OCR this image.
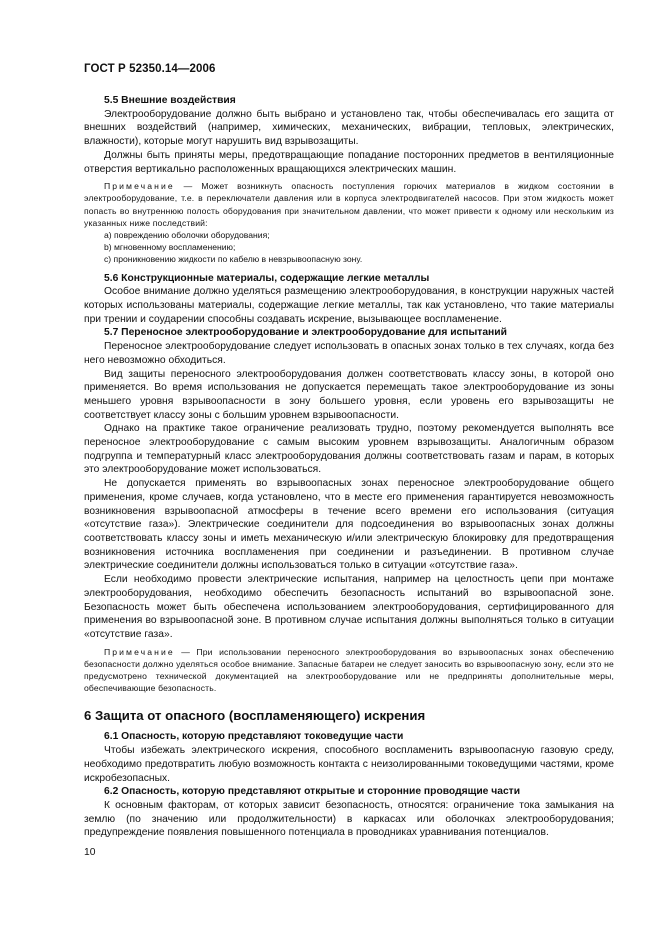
ГОСТ Р 52350.14—2006

5.5 Внешние воздействия

Электрооборудование должно быть выбрано и установлено так, чтобы обеспечивалась его защита от внешних воздействий (например, химических, механических, вибрации, тепловых, электрических, влажности), которые могут нарушить вид взрывозащиты.

Должны быть приняты меры, предотвращающие попадание посторонних предметов в вентиляционные отверстия вертикально расположенных вращающихся электрических машин.

Примечание — Может возникнуть опасность поступления горючих материалов в жидком состоянии в электрооборудование, т.е. в переключатели давления или в корпуса электродвигателей насосов. При этом жидкость может попасть во внутреннюю полость оборудования при значительном давлении, что может привести к одному или нескольким из указанных ниже последствий:

a) повреждению оболочки оборудования;
b) мгновенному воспламенению;
c) проникновению жидкости по кабелю в невзрывоопасную зону.

5.6 Конструкционные материалы, содержащие легкие металлы

Особое внимание должно уделяться размещению электрооборудования, в конструкции наружных частей которых использованы материалы, содержащие легкие металлы, так как установлено, что такие материалы при трении и соударении способны создавать искрение, вызывающее воспламенение.

5.7 Переносное электрооборудование и электрооборудование для испытаний

Переносное электрооборудование следует использовать в опасных зонах только в тех случаях, когда без него невозможно обходиться.

Вид защиты переносного электрооборудования должен соответствовать классу зоны, в которой оно применяется. Во время использования не допускается перемещать такое электрооборудование из зоны меньшего уровня взрывоопасности в зону большего уровня, если уровень его взрывозащиты не соответствует классу зоны с большим уровнем взрывоопасности.

Однако на практике такое ограничение реализовать трудно, поэтому рекомендуется выполнять все переносное электрооборудование с самым высоким уровнем взрывозащиты. Аналогичным образом подгруппа и температурный класс электрооборудования должны соответствовать газам и парам, в которых это электрооборудование может использоваться.

Не допускается применять во взрывоопасных зонах переносное электрооборудование общего применения, кроме случаев, когда установлено, что в месте его применения гарантируется невозможность возникновения взрывоопасной атмосферы в течение всего времени его использования (ситуация «отсутствие газа»). Электрические соединители для подсоединения во взрывоопасных зонах должны соответствовать классу зоны и иметь механическую и/или электрическую блокировку для предотвращения возникновения источника воспламенения при соединении и разъединении. В противном случае электрические соединители должны использоваться только в ситуации «отсутствие газа».

Если необходимо провести электрические испытания, например на целостность цепи при монтаже электрооборудования, необходимо обеспечить безопасность испытаний во взрывоопасной зоне. Безопасность может быть обеспечена использованием электрооборудования, сертифицированного для применения во взрывоопасной зоне. В противном случае испытания должны выполняться только в ситуации «отсутствие газа».

Примечание — При использовании переносного электрооборудования во взрывоопасных зонах обеспечению безопасности должно уделяться особое внимание. Запасные батареи не следует заносить во взрывоопасную зону, если это не предусмотрено технической документацией на электрооборудование или не предприняты дополнительные меры, обеспечивающие безопасность.

6 Защита от опасного (воспламеняющего) искрения

6.1 Опасность, которую представляют токоведущие части

Чтобы избежать электрического искрения, способного воспламенить взрывоопасную газовую среду, необходимо предотвратить любую возможность контакта с неизолированными токоведущими частями, кроме искробезопасных.

6.2 Опасность, которую представляют открытые и сторонние проводящие части

К основным факторам, от которых зависит безопасность, относятся: ограничение тока замыкания на землю (по значению или продолжительности) в каркасах или оболочках электрооборудования; предупреждение появления повышенного потенциала в проводниках уравнивания потенциалов.

10
